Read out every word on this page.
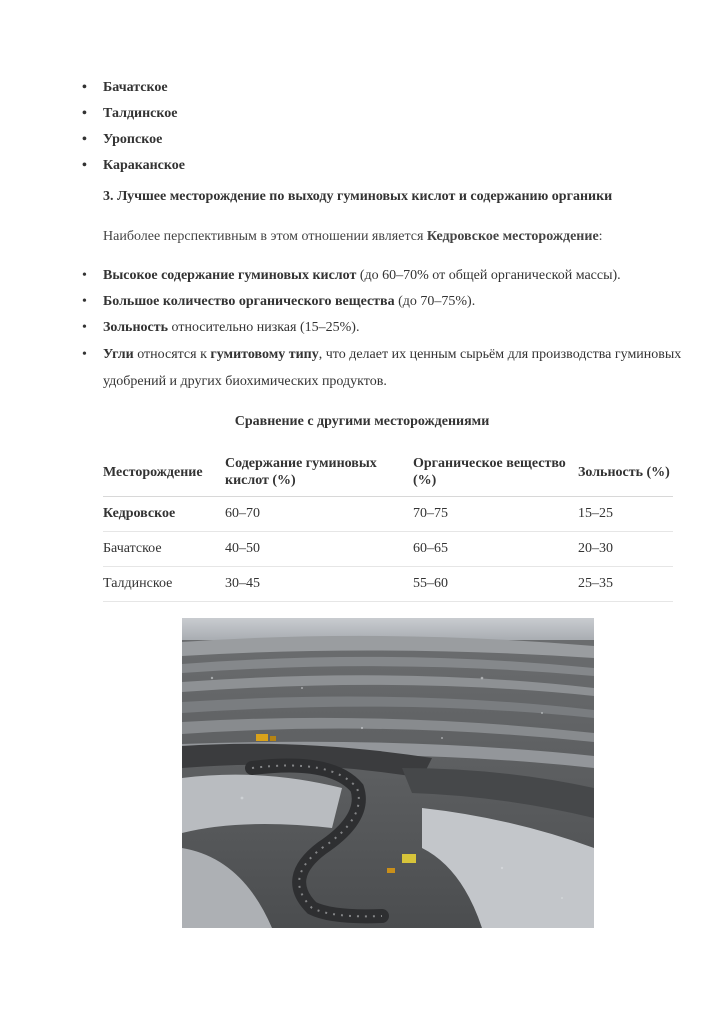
• Бачатское
• Талдинское
• Уропское
• Караканское
3. Лучшее месторождение по выходу гуминовых кислот и содержанию органики
Наиболее перспективным в этом отношении является Кедровское месторождение:
• Высокое содержание гуминовых кислот (до 60–70% от общей органической массы).
• Большое количество органического вещества (до 70–75%).
• Зольность относительно низкая (15–25%).
• Угли относятся к гумитовому типу, что делает их ценным сырьём для производства гуминовых удобрений и других биохимических продуктов.
Сравнение с другими месторождениями
Месторождение	Содержание гуминовых кислот (%)	Органическое вещество (%)	Зольность (%)
Кедровское	60–70	70–75	15–25
Бачатское	40–50	60–65	20–30
Талдинское	30–45	55–60	25–35
